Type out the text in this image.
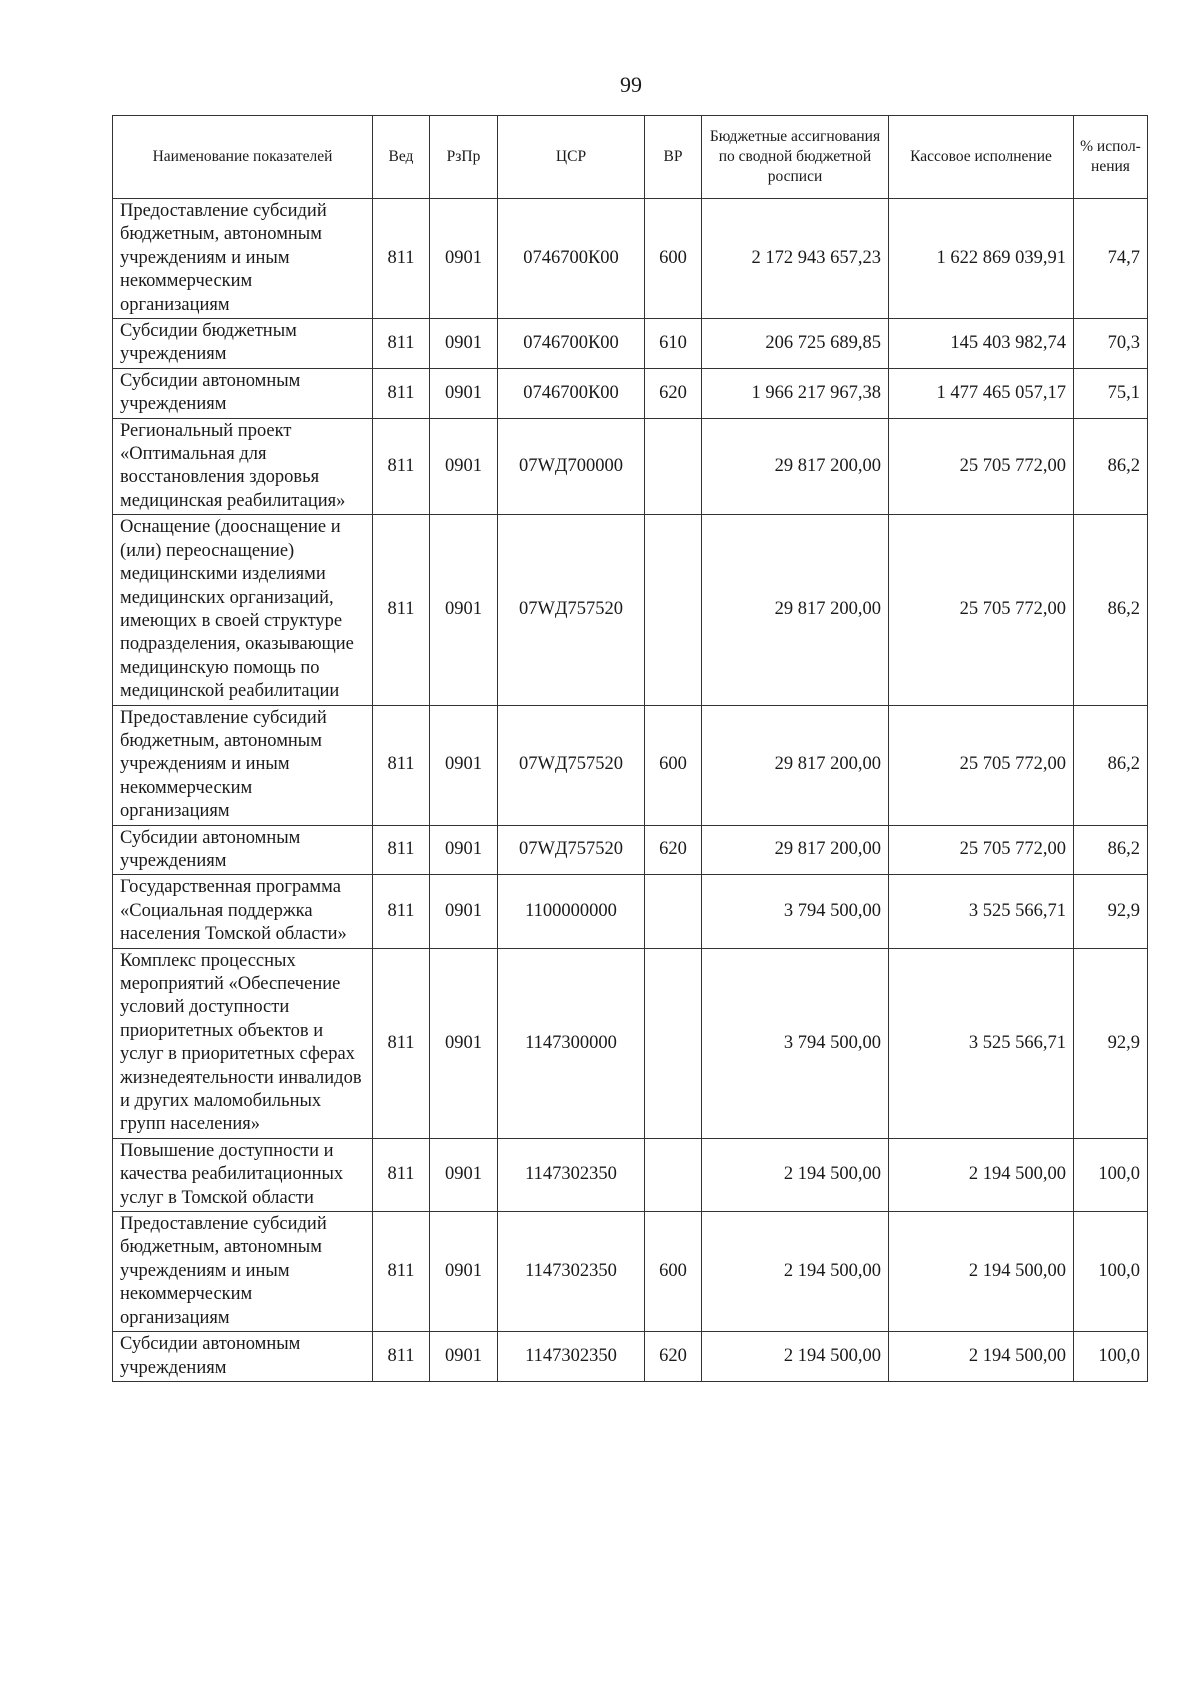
99
Наименование показателей	Вед	РзПр	ЦСР	ВР	Бюджетные ассигнования по сводной бюджетной росписи	Кассовое исполнение	% испол-нения
Предоставление субсидий бюджетным, автономным учреждениям и иным некоммерческим организациям	811	0901	0746700К00	600	2 172 943 657,23	1 622 869 039,91	74,7
Субсидии бюджетным учреждениям	811	0901	0746700К00	610	206 725 689,85	145 403 982,74	70,3
Субсидии автономным учреждениям	811	0901	0746700К00	620	1 966 217 967,38	1 477 465 057,17	75,1
Региональный проект «Оптимальная для восстановления здоровья медицинская реабилитация»	811	0901	07WД700000		29 817 200,00	25 705 772,00	86,2
Оснащение (дооснащение и (или) переоснащение) медицинскими изделиями медицинских организаций, имеющих в своей структуре подразделения, оказывающие медицинскую помощь по медицинской реабилитации	811	0901	07WД757520		29 817 200,00	25 705 772,00	86,2
Предоставление субсидий бюджетным, автономным учреждениям и иным некоммерческим организациям	811	0901	07WД757520	600	29 817 200,00	25 705 772,00	86,2
Субсидии автономным учреждениям	811	0901	07WД757520	620	29 817 200,00	25 705 772,00	86,2
Государственная программа «Социальная поддержка населения Томской области»	811	0901	1100000000		3 794 500,00	3 525 566,71	92,9
Комплекс процессных мероприятий «Обеспечение условий доступности приоритетных объектов и услуг в приоритетных сферах жизнедеятельности инвалидов и других маломобильных групп населения»	811	0901	1147300000		3 794 500,00	3 525 566,71	92,9
Повышение доступности и качества реабилитационных услуг в Томской области	811	0901	1147302350		2 194 500,00	2 194 500,00	100,0
Предоставление субсидий бюджетным, автономным учреждениям и иным некоммерческим организациям	811	0901	1147302350	600	2 194 500,00	2 194 500,00	100,0
Субсидии автономным учреждениям	811	0901	1147302350	620	2 194 500,00	2 194 500,00	100,0
